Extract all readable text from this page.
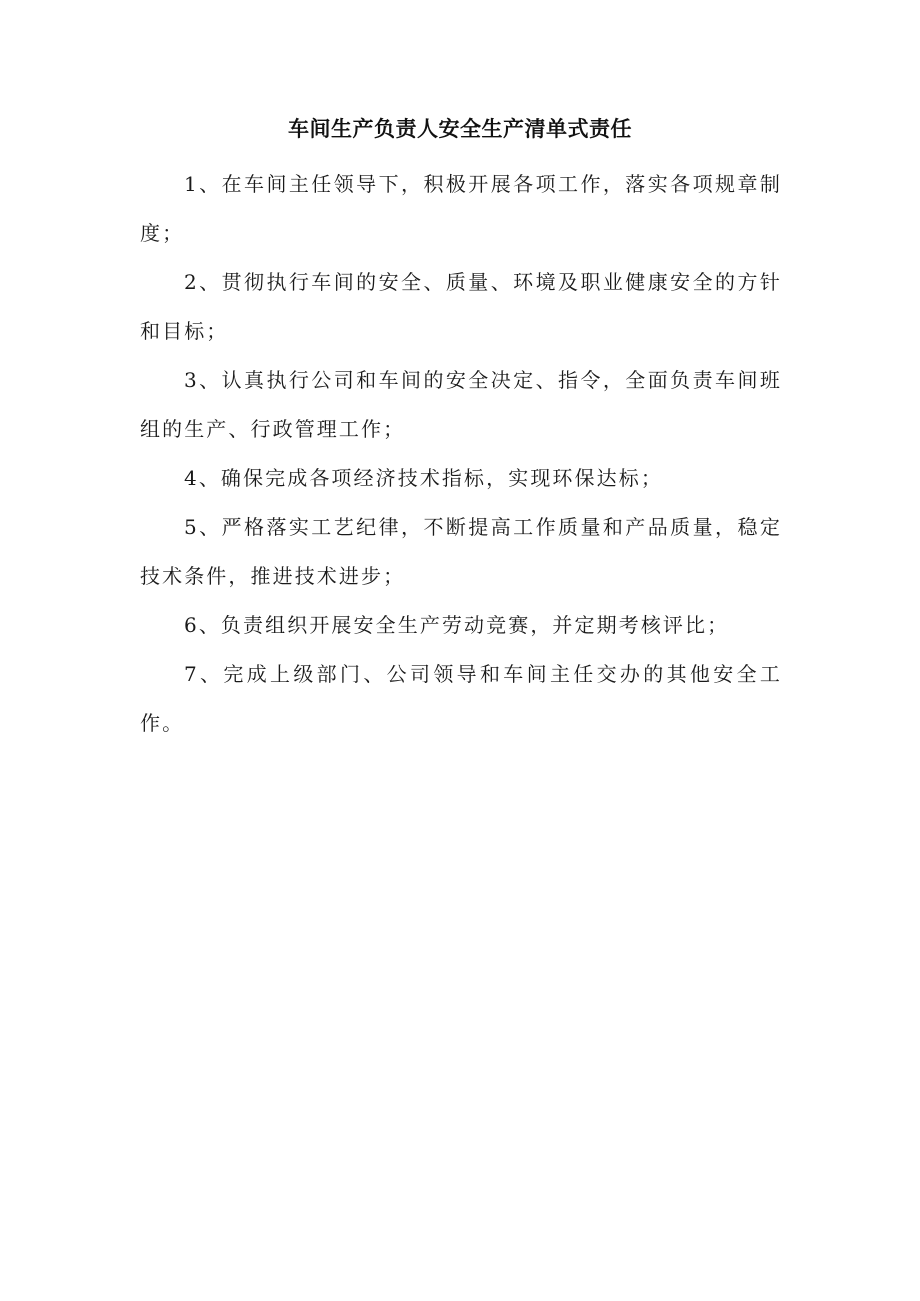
车间生产负责人安全生产清单式责任

1、在车间主任领导下，积极开展各项工作，落实各项规章制度；

2、贯彻执行车间的安全、质量、环境及职业健康安全的方针和目标；

3、认真执行公司和车间的安全决定、指令，全面负责车间班组的生产、行政管理工作；

4、确保完成各项经济技术指标，实现环保达标；

5、严格落实工艺纪律，不断提高工作质量和产品质量，稳定技术条件，推进技术进步；

6、负责组织开展安全生产劳动竞赛，并定期考核评比；

7、完成上级部门、公司领导和车间主任交办的其他安全工作。
